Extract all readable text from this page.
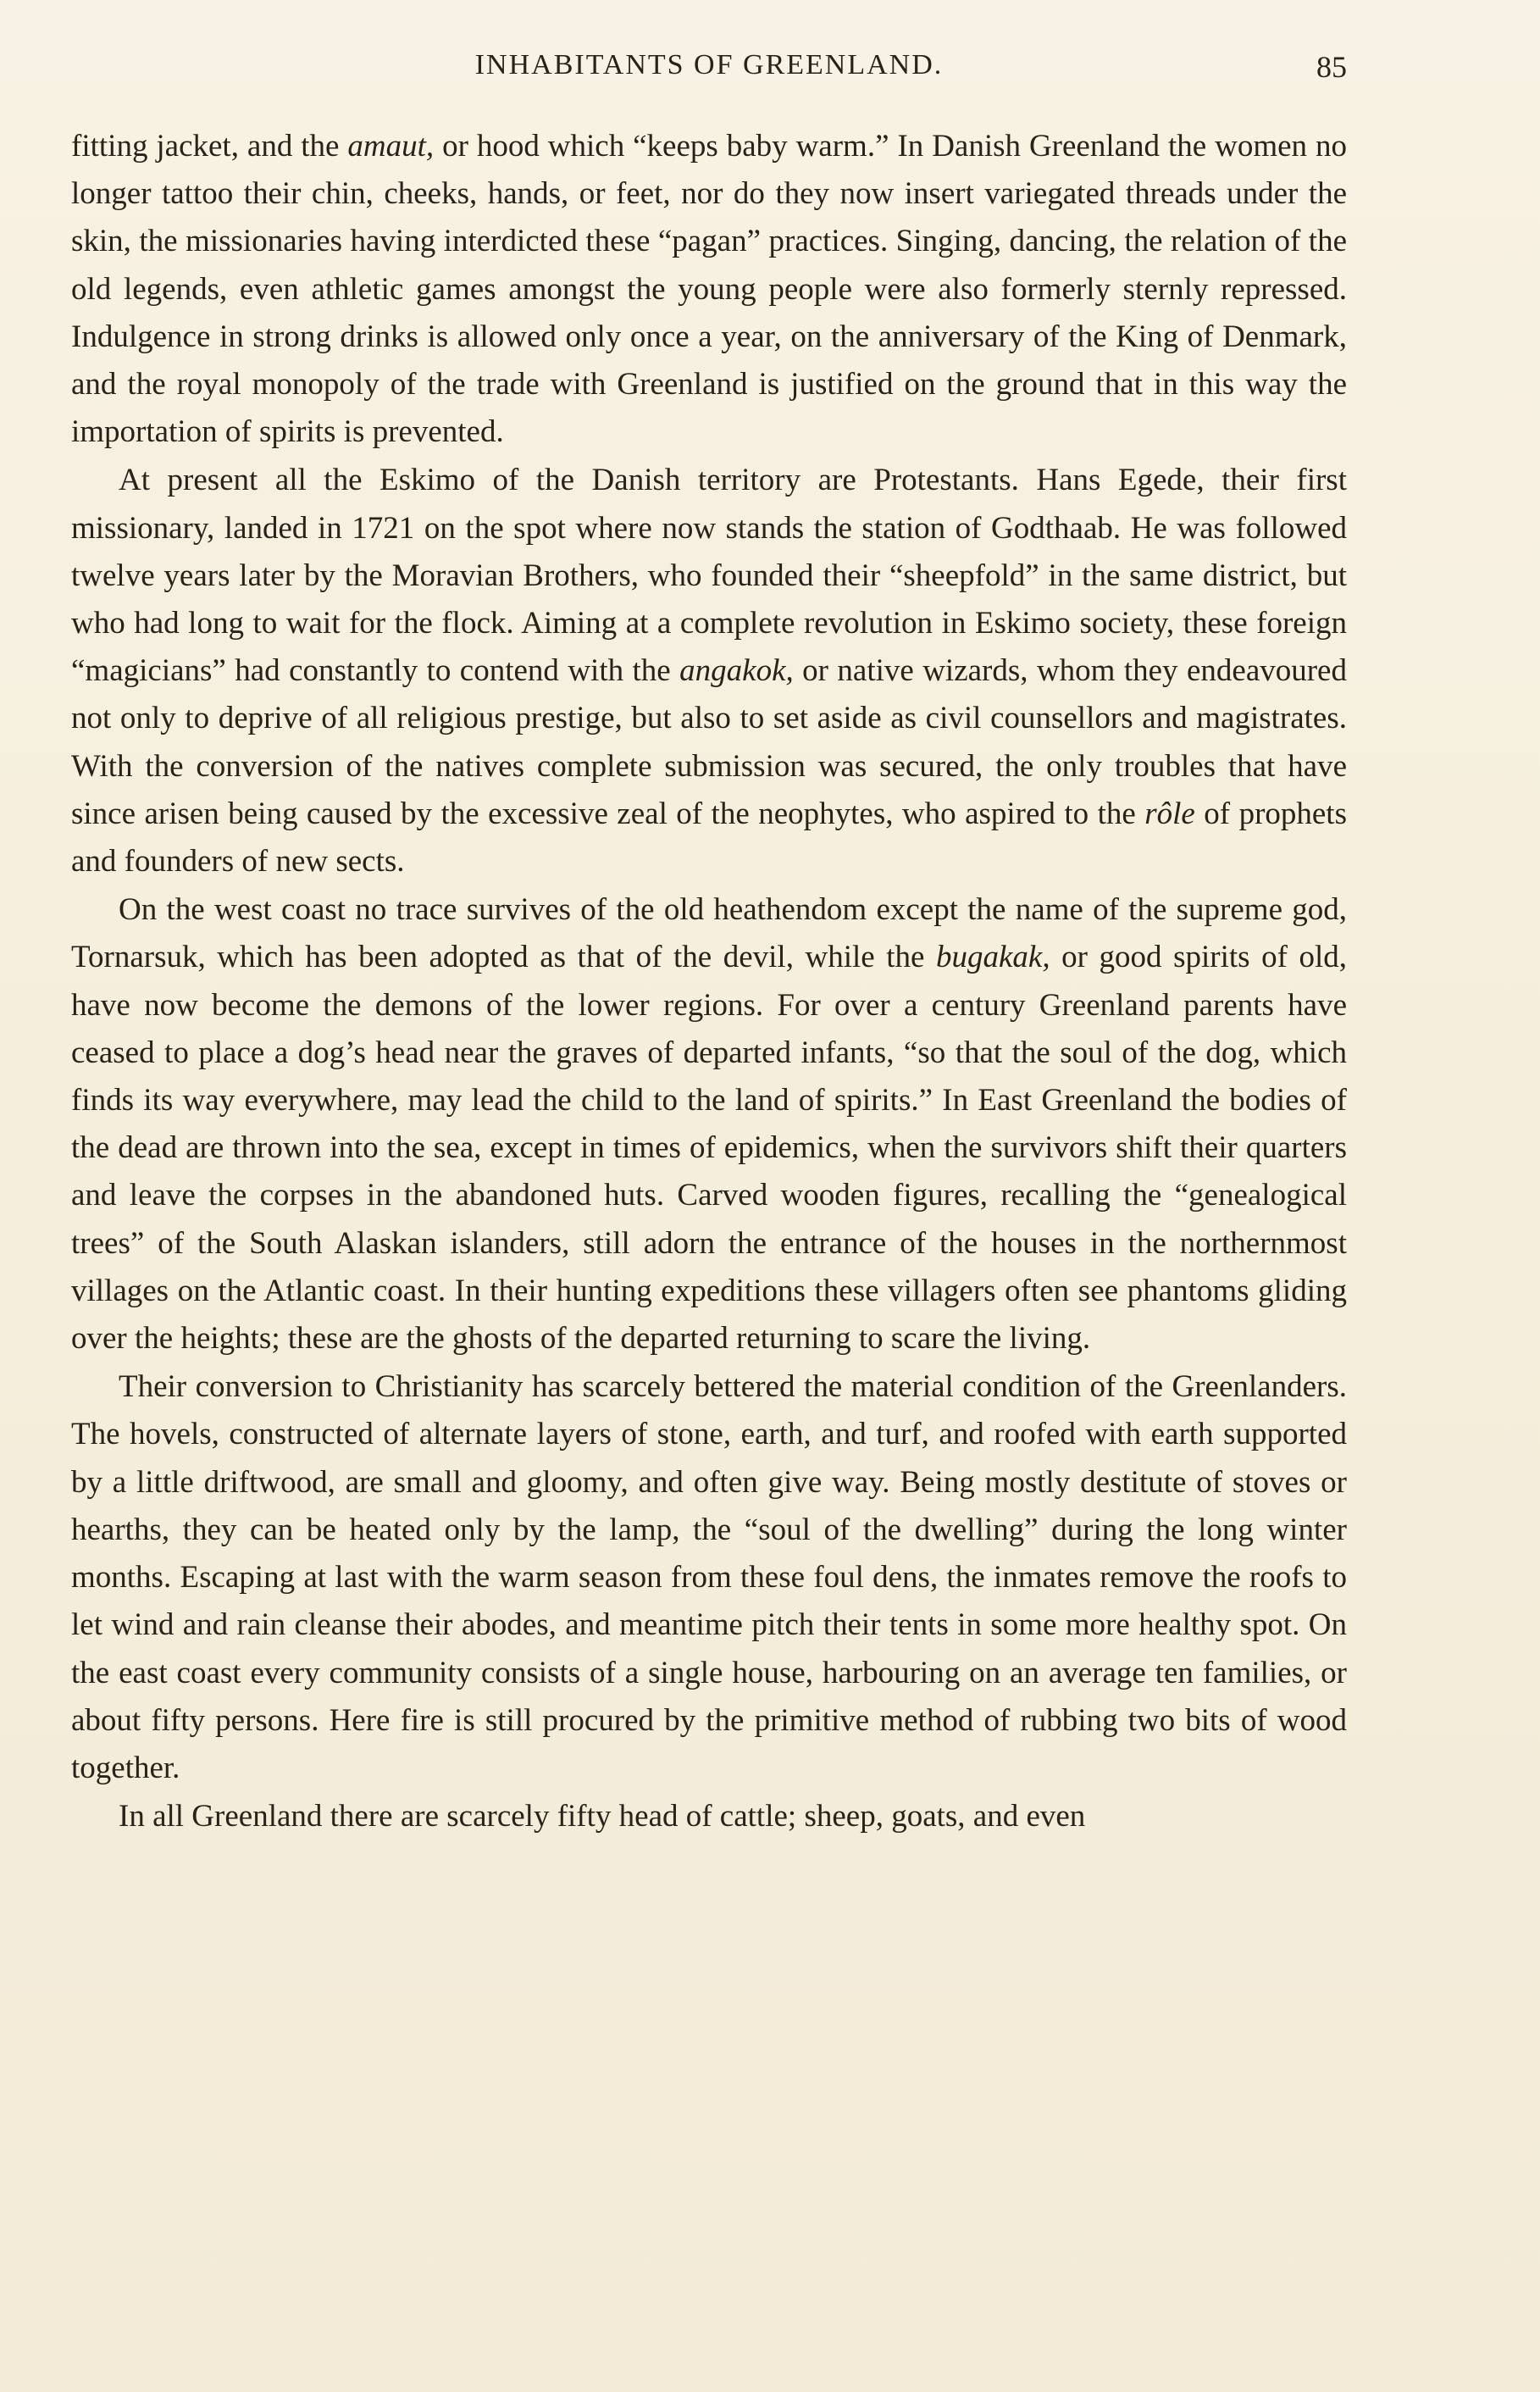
INHABITANTS OF GREENLAND.	85

fitting jacket, and the amaut, or hood which “keeps baby warm.” In Danish Greenland the women no longer tattoo their chin, cheeks, hands, or feet, nor do they now insert variegated threads under the skin, the missionaries having interdicted these “pagan” practices. Singing, dancing, the relation of the old legends, even athletic games amongst the young people were also formerly sternly repressed. Indulgence in strong drinks is allowed only once a year, on the anniversary of the King of Denmark, and the royal monopoly of the trade with Greenland is justified on the ground that in this way the importation of spirits is prevented.

At present all the Eskimo of the Danish territory are Protestants. Hans Egede, their first missionary, landed in 1721 on the spot where now stands the station of Godthaab. He was followed twelve years later by the Moravian Brothers, who founded their “sheepfold” in the same district, but who had long to wait for the flock. Aiming at a complete revolution in Eskimo society, these foreign “magicians” had constantly to contend with the angakok, or native wizards, whom they endeavoured not only to deprive of all religious prestige, but also to set aside as civil counsellors and magistrates. With the conversion of the natives complete submission was secured, the only troubles that have since arisen being caused by the excessive zeal of the neophytes, who aspired to the rôle of prophets and founders of new sects.

On the west coast no trace survives of the old heathendom except the name of the supreme god, Tornarsuk, which has been adopted as that of the devil, while the bugakak, or good spirits of old, have now become the demons of the lower regions. For over a century Greenland parents have ceased to place a dog’s head near the graves of departed infants, “so that the soul of the dog, which finds its way everywhere, may lead the child to the land of spirits.” In East Greenland the bodies of the dead are thrown into the sea, except in times of epidemics, when the survivors shift their quarters and leave the corpses in the abandoned huts. Carved wooden figures, recalling the “genealogical trees” of the South Alaskan islanders, still adorn the entrance of the houses in the northernmost villages on the Atlantic coast. In their hunting expeditions these villagers often see phantoms gliding over the heights; these are the ghosts of the departed returning to scare the living.

Their conversion to Christianity has scarcely bettered the material condition of the Greenlanders. The hovels, constructed of alternate layers of stone, earth, and turf, and roofed with earth supported by a little driftwood, are small and gloomy, and often give way. Being mostly destitute of stoves or hearths, they can be heated only by the lamp, the “soul of the dwelling” during the long winter months. Escaping at last with the warm season from these foul dens, the inmates remove the roofs to let wind and rain cleanse their abodes, and meantime pitch their tents in some more healthy spot. On the east coast every community consists of a single house, harbouring on an average ten families, or about fifty persons. Here fire is still procured by the primitive method of rubbing two bits of wood together.

In all Greenland there are scarcely fifty head of cattle; sheep, goats, and even
